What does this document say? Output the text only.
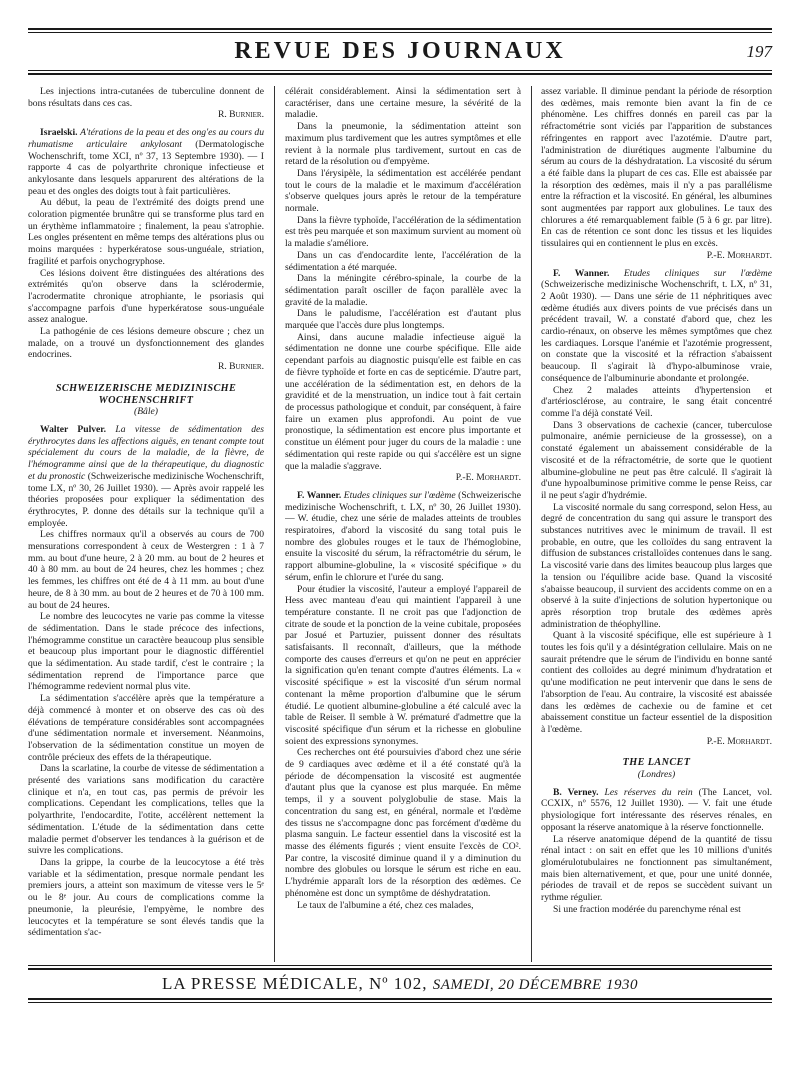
REVUE DES JOURNAUX	197

Les injections intra-cutanées de tuberculine donnent de bons résultats dans ces cas.

R. Burnier.

Israelski. A'térations de la peau et des ong'es au cours du rhumatisme articulaire ankylosant (Dermatologische Wochenschrift, tome XCI, nº 37, 13 Septembre 1930). — I rapporte 4 cas de polyarthrite chronique infectieuse et ankylosante dans lesquels apparurent des altérations de la peau et des ongles des doigts tout à fait particulières.

Au début, la peau de l'extrémité des doigts prend une coloration pigmentée brunâtre qui se transforme plus tard en un érythème inflammatoire ; finalement, la peau s'atrophie. Les ongles présentent en même temps des altérations plus ou moins marquées : hyperkératose sous-unguéale, striation, fragilité et parfois onychogryphose.

Ces lésions doivent être distinguées des altérations des extrémités qu'on observe dans la sclérodermie, l'acrodermatite chronique atrophiante, le psoriasis qui s'accompagne parfois d'une hyperkératose sous-unguéale assez analogue.

La pathogénie de ces lésions demeure obscure ; chez un malade, on a trouvé un dysfonctionnement des glandes endocrines.

R. Burnier.

SCHWEIZERISCHE MEDIZINISCHE WOCHENSCHRIFT

(Bâle)

Walter Pulver. La vitesse de sédimentation des érythrocytes dans les affections aiguës, en tenant compte tout spécialement du cours de la maladie, de la fièvre, de l'hémogramme ainsi que de la thérapeutique, du diagnostic et du pronostic (Schweizerische medizinische Wochenschrift, tome LX, nº 30, 26 Juillet 1930). — Après avoir rappelé les théories proposées pour expliquer la sédimentation des érythrocytes, P. donne des détails sur la technique qu'il a employée.

Les chiffres normaux qu'il a observés au cours de 700 mensurations correspondent à ceux de Westergren : 1 à 7 mm. au bout d'une heure, 2 à 20 mm. au bout de 2 heures et 40 à 80 mm. au bout de 24 heures, chez les hommes ; chez les femmes, les chiffres ont été de 4 à 11 mm. au bout d'une heure, de 8 à 30 mm. au bout de 2 heures et de 70 à 100 mm. au bout de 24 heures.

Le nombre des leucocytes ne varie pas comme la vitesse de sédimentation. Dans le stade précoce des infections, l'hémogramme constitue un caractère beaucoup plus sensible et beaucoup plus important pour le diagnostic différentiel que la sédimentation. Au stade tardif, c'est le contraire ; la sédimentation reprend de l'importance parce que l'hémogramme redevient normal plus vite.

La sédimentation s'accélère après que la température a déjà commencé à monter et on observe des cas où des élévations de température considérables sont accompagnées d'une sédimentation normale et inversement. Néanmoins, l'observation de la sédimentation constitue un moyen de contrôle précieux des effets de la thérapeutique.

Dans la scarlatine, la courbe de vitesse de sédimentation a présenté des variations sans modification du caractère clinique et n'a, en tout cas, pas permis de prévoir les complications. Cependant les complications, telles que la polyarthrite, l'endocardite, l'otite, accélèrent nettement la sédimentation. L'étude de la sédimentation dans cette maladie permet d'observer les tendances à la guérison et de suivre les complications.

Dans la grippe, la courbe de la leucocytose a été très variable et la sédimentation, presque normale pendant les premiers jours, a atteint son maximum de vitesse vers le 5ᵉ ou le 8ᵉ jour. Au cours de complications comme la pneumonie, la pleurésie, l'empyème, le nombre des leucocytes et la température se sont élevés tandis que la sédimentation s'ac-

célérait considérablement. Ainsi la sédimentation sert à caractériser, dans une certaine mesure, la sévérité de la maladie.

Dans la pneumonie, la sédimentation atteint son maximum plus tardivement que les autres symptômes et elle revient à la normale plus tardivement, surtout en cas de retard de la résolution ou d'empyème.

Dans l'érysipèle, la sédimentation est accélérée pendant tout le cours de la maladie et le maximum d'accélération s'observe quelques jours après le retour de la température normale.

Dans la fièvre typhoïde, l'accélération de la sédimentation est très peu marquée et son maximum survient au moment où la maladie s'améliore.

Dans un cas d'endocardite lente, l'accélération de la sédimentation a été marquée.

Dans la méningite cérébro-spinale, la courbe de la sédimentation paraît osciller de façon parallèle avec la gravité de la maladie.

Dans le paludisme, l'accélération est d'autant plus marquée que l'accès dure plus longtemps.

Ainsi, dans aucune maladie infectieuse aiguë la sédimentation ne donne une courbe spécifique. Elle aide cependant parfois au diagnostic puisqu'elle est faible en cas de fièvre typhoïde et forte en cas de septicémie. D'autre part, une accélération de la sédimentation est, en dehors de la gravidité et de la menstruation, un indice tout à fait certain de processus pathologique et conduit, par conséquent, à faire faire un examen plus approfondi. Au point de vue pronostique, la sédimentation est encore plus importante et constitue un élément pour juger du cours de la maladie : une sédimentation qui reste rapide ou qui s'accélère est un signe que la maladie s'aggrave.

P.-E. Morhardt.

F. Wanner. Etudes cliniques sur l'œdème (Schweizerische medizinische Wochenschrift, t. LX, nº 30, 26 Juillet 1930). — W. étudie, chez une série de malades atteints de troubles respiratoires, d'abord la viscosité du sang total puis le nombre des globules rouges et le taux de l'hémoglobine, ensuite la viscosité du sérum, la réfractométrie du sérum, le rapport albumine-globuline, la « viscosité spécifique » du sérum, enfin le chlorure et l'urée du sang.

Pour étudier la viscosité, l'auteur a employé l'appareil de Hess avec manteau d'eau qui maintient l'appareil à une température constante. Il ne croit pas que l'adjonction de citrate de soude et la ponction de la veine cubitale, proposées par Josué et Partuzier, puissent donner des résultats satisfaisants. Il reconnaît, d'ailleurs, que la méthode comporte des causes d'erreurs et qu'on ne peut en apprécier la signification qu'en tenant compte d'autres éléments. La « viscosité spécifique » est la viscosité d'un sérum normal contenant la même proportion d'albumine que le sérum étudié. Le quotient albumine-globuline a été calculé avec la table de Reiser. Il semble à W. prématuré d'admettre que la viscosité spécifique d'un sérum et la richesse en globuline soient des expressions synonymes.

Ces recherches ont été poursuivies d'abord chez une série de 9 cardiaques avec œdème et il a été constaté qu'à la période de décompensation la viscosité est augmentée d'autant plus que la cyanose est plus marquée. En même temps, il y a souvent polyglobulie de stase. Mais la concentration du sang est, en général, normale et l'œdème des tissus ne s'accompagne donc pas forcément d'œdème du plasma sanguin. Le facteur essentiel dans la viscosité est la masse des éléments figurés ; vient ensuite l'excès de CO². Par contre, la viscosité diminue quand il y a diminution du nombre des globules ou lorsque le sérum est riche en eau. L'hydrémie apparaît lors de la résorption des œdèmes. Ce phénomène est donc un symptôme de déshydratation.

Le taux de l'albumine a été, chez ces malades,

assez variable. Il diminue pendant la période de résorption des œdèmes, mais remonte bien avant la fin de ce phénomène. Les chiffres donnés en pareil cas par la réfractométrie sont viciés par l'apparition de substances réfringentes en rapport avec l'azotémie. D'autre part, l'administration de diurétiques augmente l'albumine du sérum au cours de la déshydratation. La viscosité du sérum a été faible dans la plupart de ces cas. Elle est abaissée par la résorption des œdèmes, mais il n'y a pas parallélisme entre la réfraction et la viscosité. En général, les albumines sont augmentées par rapport aux globulines. Le taux des chlorures a été remarquablement faible (5 à 6 gr. par litre). En cas de rétention ce sont donc les tissus et les liquides tissulaires qui en contiennent le plus en excès.

P.-E. Morhardt.

F. Wanner. Etudes cliniques sur l'œdème (Schweizerische medizinische Wochenschrift, t. LX, nº 31, 2 Août 1930). — Dans une série de 11 néphritiques avec œdème étudiés aux divers points de vue précisés dans un précédent travail, W. a constaté d'abord que, chez les cardio-rénaux, on observe les mêmes symptômes que chez les cardiaques. Lorsque l'anémie et l'azotémie progressent, on constate que la viscosité et la réfraction s'abaissent beaucoup. Il s'agirait là d'hypo-albuminose vraie, conséquence de l'albuminurie abondante et prolongée.

Chez 2 malades atteints d'hypertension et d'artériosclérose, au contraire, le sang était concentré comme l'a déjà constaté Veil.

Dans 3 observations de cachexie (cancer, tuberculose pulmonaire, anémie pernicieuse de la grossesse), on a constaté également un abaissement considérable de la viscosité et de la réfractométrie, de sorte que le quotient albumine-globuline ne peut pas être calculé. Il s'agirait là d'une hypoalbuminose primitive comme le pense Reiss, car il ne peut s'agir d'hydrémie.

La viscosité normale du sang correspond, selon Hess, au degré de concentration du sang qui assure le transport des substances nutritives avec le minimum de travail. Il est probable, en outre, que les colloïdes du sang entravent la diffusion de substances cristalloïdes contenues dans le sang. La viscosité varie dans des limites beaucoup plus larges que la tension ou l'équilibre acide base. Quand la viscosité s'abaisse beaucoup, il survient des accidents comme on en a observé à la suite d'injections de solution hypertonique ou après résorption trop brutale des œdèmes après administration de théophylline.

Quant à la viscosité spécifique, elle est supérieure à 1 toutes les fois qu'il y a désintégration cellulaire. Mais on ne saurait prétendre que le sérum de l'individu en bonne santé contient des colloïdes au degré minimum d'hydratation et qu'une modification ne peut intervenir que dans le sens de l'absorption de l'eau. Au contraire, la viscosité est abaissée dans les œdèmes de cachexie ou de famine et cet abaissement constitue un facteur essentiel de la disposition à l'œdème.

P.-E. Morhardt.

THE LANCET

(Londres)

B. Verney. Les réserves du rein (The Lancet, vol. CCXIX, nº 5576, 12 Juillet 1930). — V. fait une étude physiologique fort intéressante des réserves rénales, en opposant la réserve anatomique à la réserve fonctionnelle.

La réserve anatomique dépend de la quantité de tissu rénal intact : on sait en effet que les 10 millions d'unités glomérulotubulaires ne fonctionnent pas simultanément, mais bien alternativement, et que, pour une unité donnée, périodes de travail et de repos se succèdent suivant un rythme régulier.

Si une fraction modérée du parenchyme rénal est

LA PRESSE MÉDICALE, Nº 102, SAMEDI, 20 DÉCEMBRE 1930
